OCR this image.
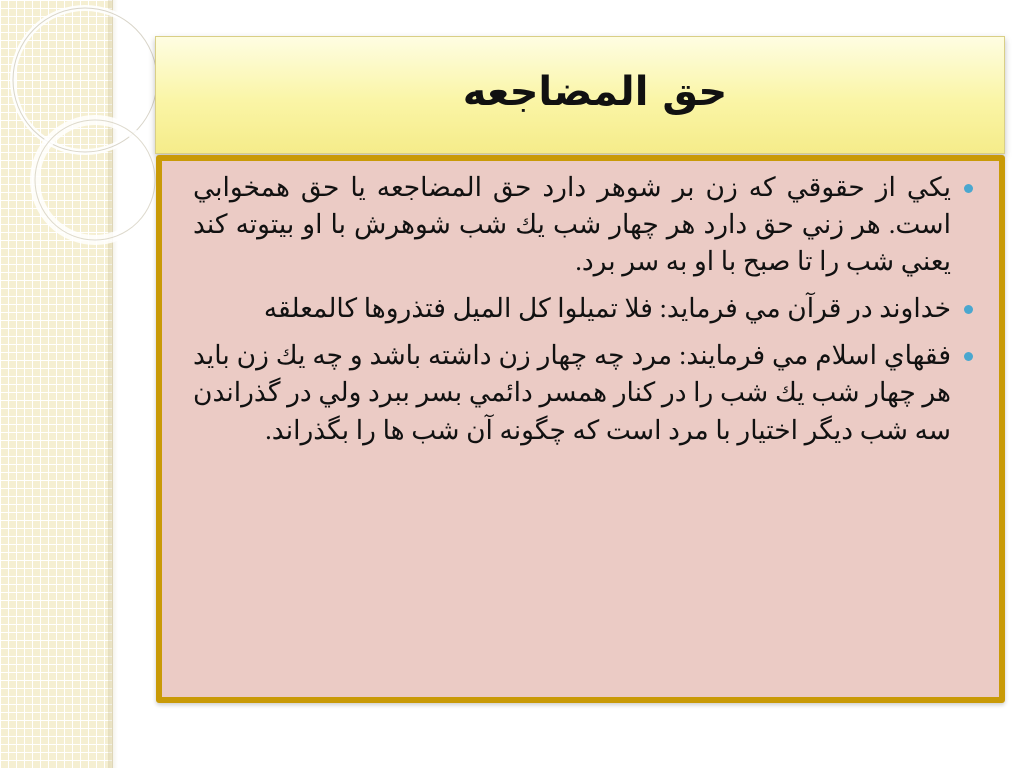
حق المضاجعه
يكي از حقوقي كه زن بر شوهر دارد حق المضاجعه يا حق همخوابي است. هر زني حق دارد هر چهار شب يك شب شوهرش با او بيتوته كند يعني شب را تا صبح با او به سر برد.
خداوند در قرآن مي فرمايد: فلا تميلوا كل الميل فتذروها كالمعلقه
فقهاي اسلام مي فرمايند: مرد چه چهار زن داشته باشد و چه يك زن بايد هر چهار شب يك شب را در كنار همسر دائمي بسر ببرد ولي در گذراندن سه شب ديگر اختيار با مرد است كه چگونه آن شب ها را بگذراند.
